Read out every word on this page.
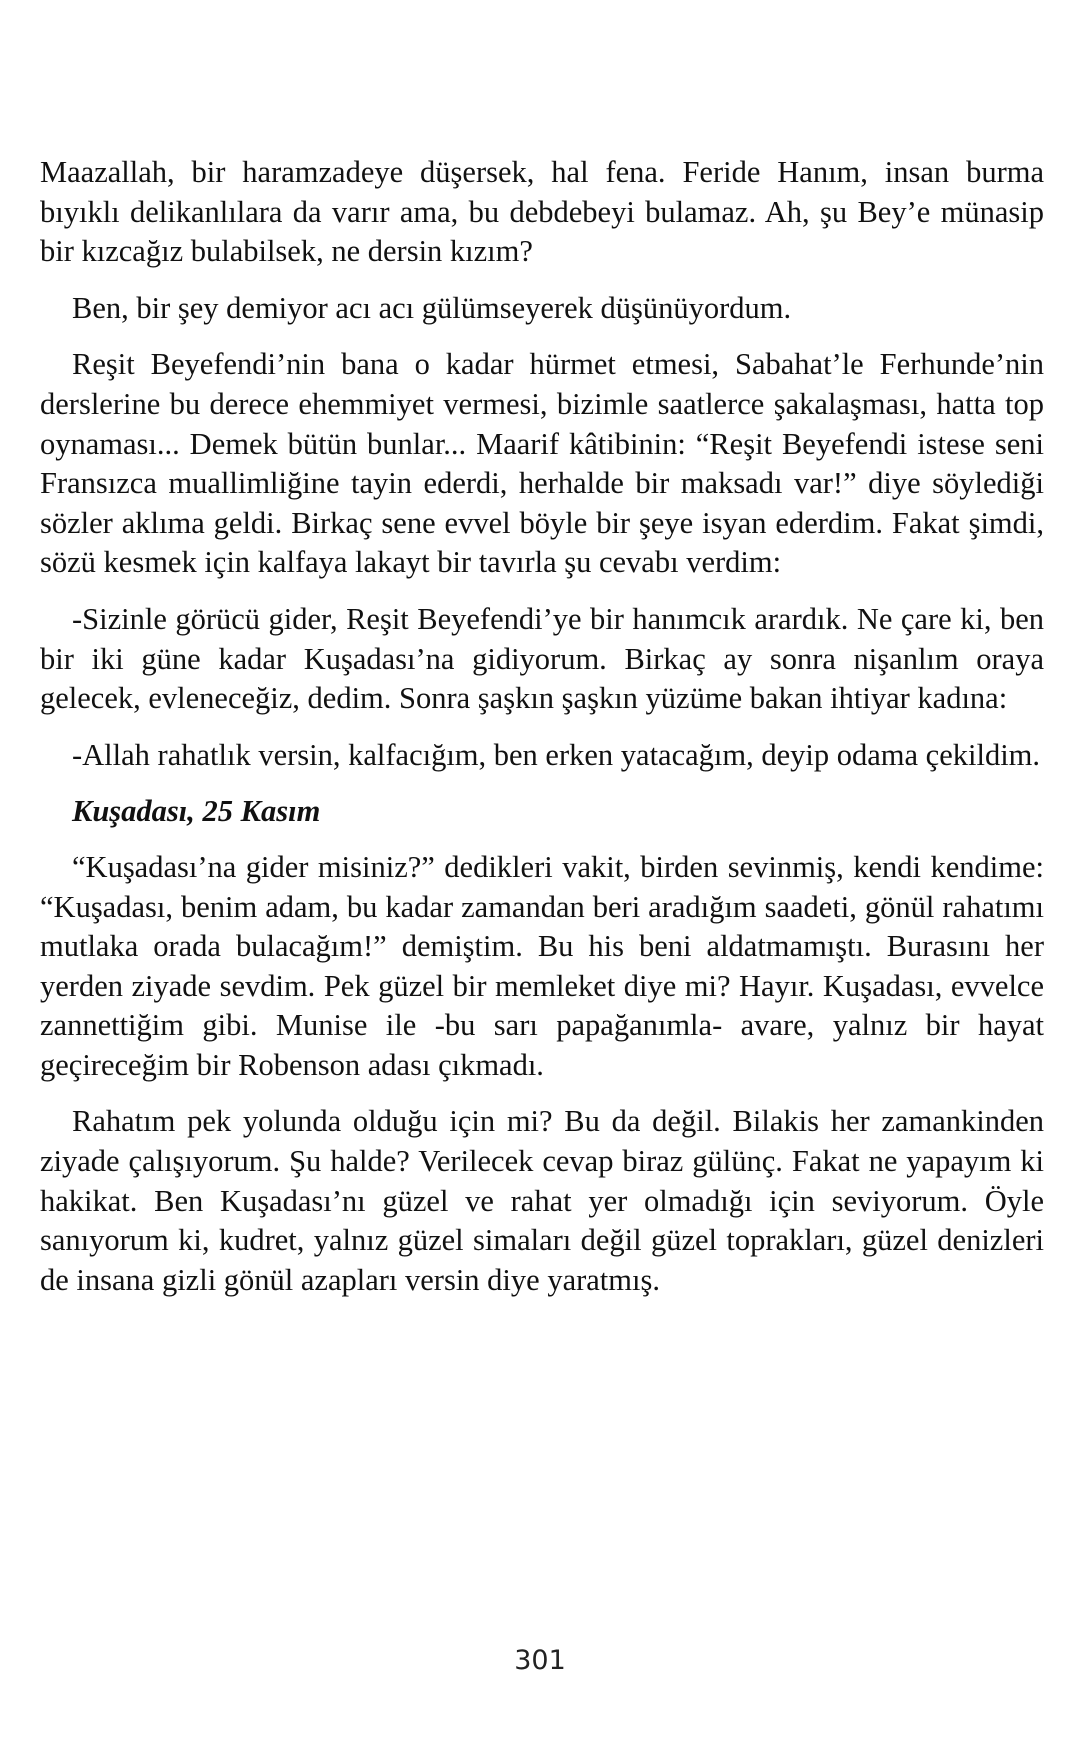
Maazallah, bir haramzadeye düşersek, hal fena. Feride Hanım, insan burma bıyıklı delikanlılara da varır ama, bu debdebeyi bulamaz. Ah, şu Bey’e münasip bir kızcağız bulabilsek, ne dersin kızım?

Ben, bir şey demiyor acı acı gülümseyerek düşünüyordum.

Reşit Beyefendi’nin bana o kadar hürmet etmesi, Sabahat’le Ferhunde’nin derslerine bu derece ehemmiyet vermesi, bizimle saatlerce şakalaşması, hatta top oynaması... Demek bütün bunlar... Maarif kâtibinin: “Reşit Beyefendi istese seni Fransızca muallimliğine tayin ederdi, herhalde bir maksadı var!” diye söylediği sözler aklıma geldi. Birkaç sene evvel böyle bir şeye isyan ederdim. Fakat şimdi, sözü kesmek için kalfaya lakayt bir tavırla şu cevabı verdim:

-Sizinle görücü gider, Reşit Beyefendi’ye bir hanımcık arardık. Ne çare ki, ben bir iki güne kadar Kuşadası’na gidiyorum. Birkaç ay sonra nişanlım oraya gelecek, evleneceğiz, dedim. Sonra şaşkın şaşkın yüzüme bakan ihtiyar kadına:

-Allah rahatlık versin, kalfacığım, ben erken yatacağım, deyip odama çekildim.

Kuşadası, 25 Kasım

“Kuşadası’na gider misiniz?” dedikleri vakit, birden sevinmiş, kendi kendime: “Kuşadası, benim adam, bu kadar zamandan beri aradığım saadeti, gönül rahatımı mutlaka orada bulacağım!” demiştim. Bu his beni aldatmamıştı. Burasını her yerden ziyade sevdim. Pek güzel bir memleket diye mi? Hayır. Kuşadası, evvelce zannettiğim gibi. Munise ile -bu sarı papağanımla- avare, yalnız bir hayat geçireceğim bir Robenson adası çıkmadı.

Rahatım pek yolunda olduğu için mi? Bu da değil. Bilakis her zamankinden ziyade çalışıyorum. Şu halde? Verilecek cevap biraz gülünç. Fakat ne yapayım ki hakikat. Ben Kuşadası’nı güzel ve rahat yer olmadığı için seviyorum. Öyle sanıyorum ki, kudret, yalnız güzel simaları değil güzel toprakları, güzel denizleri de insana gizli gönül azapları versin diye yaratmış.

301
